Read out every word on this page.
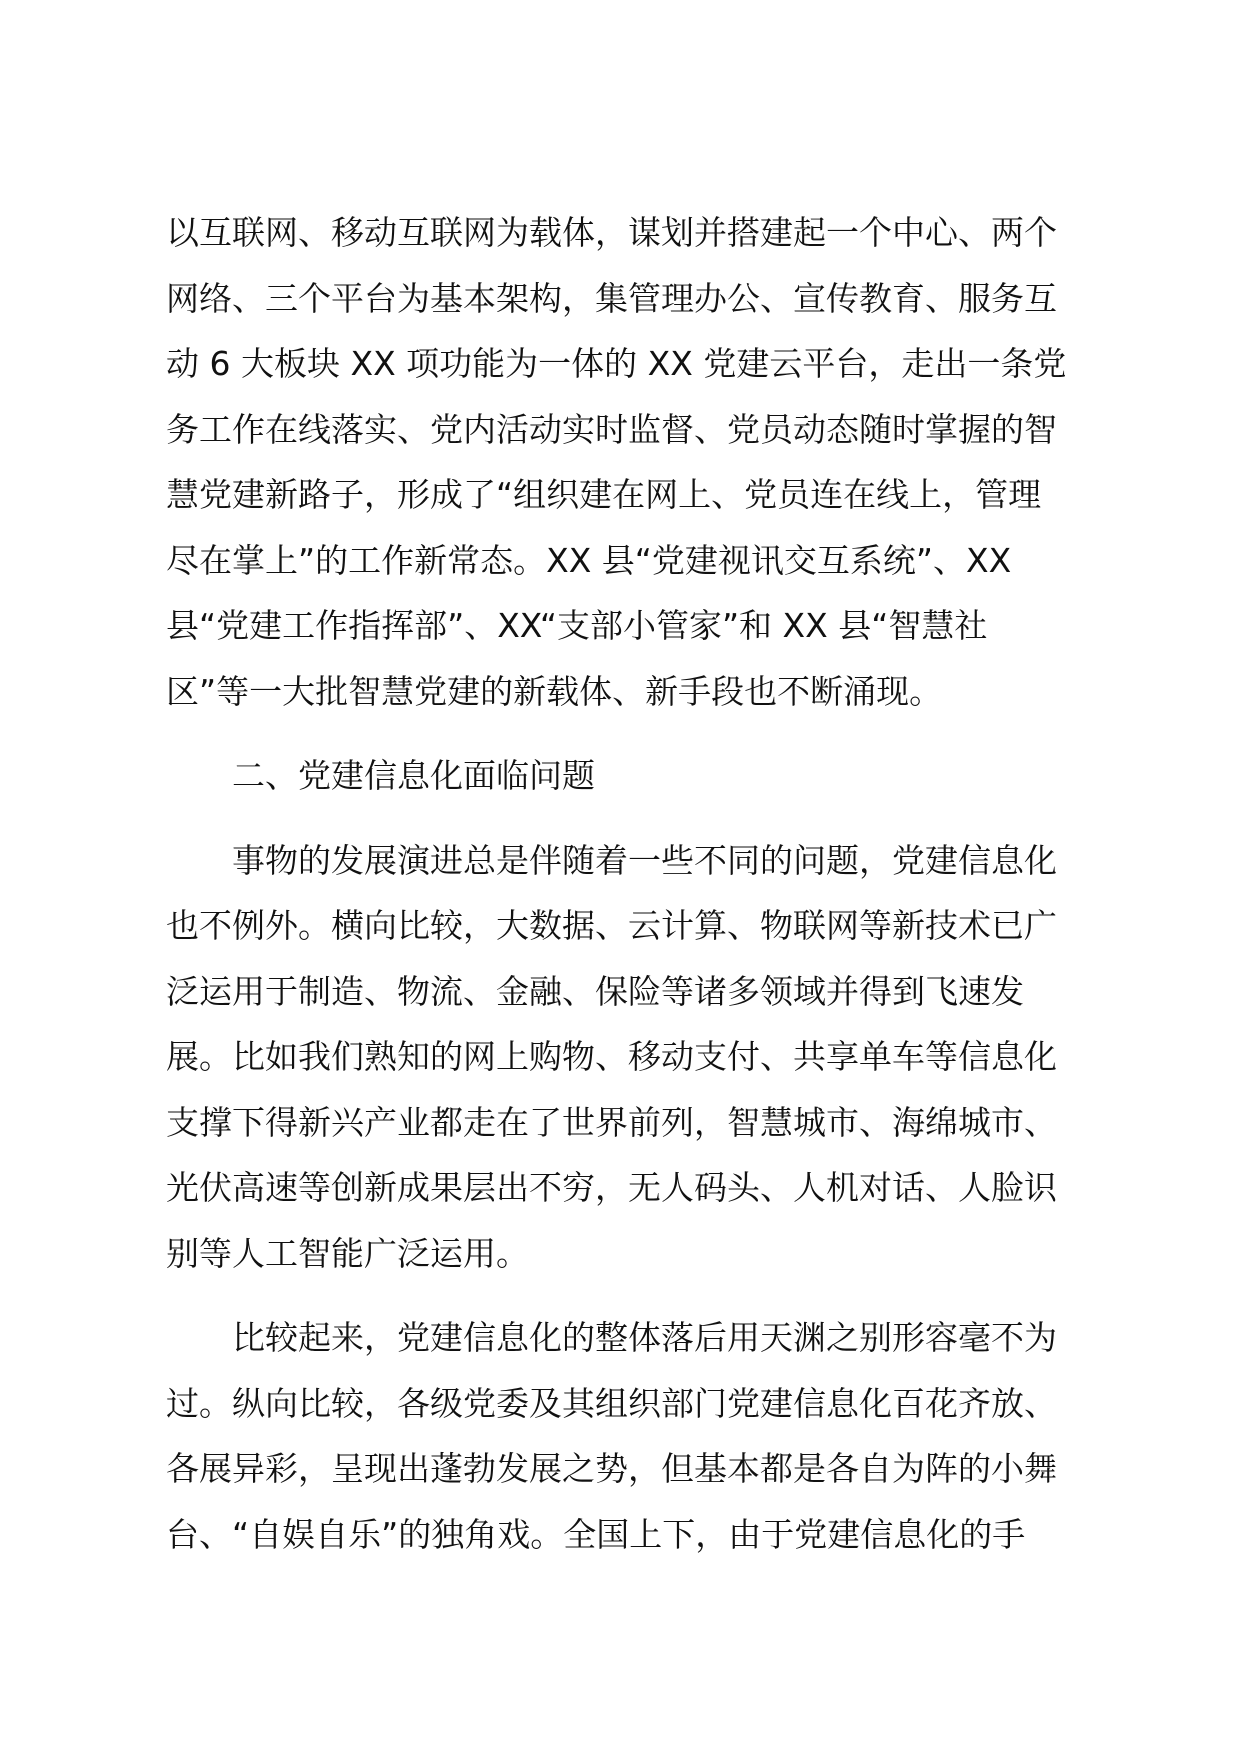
以互联网、移动互联网为载体，谋划并搭建起一个中心、两个
网络、三个平台为基本架构，集管理办公、宣传教育、服务互
动 6 大板块 XX 项功能为一体的 XX 党建云平台，走出一条党
务工作在线落实、党内活动实时监督、党员动态随时掌握的智
慧党建新路子，形成了“组织建在网上、党员连在线上，管理
尽在掌上”的工作新常态。XX 县“党建视讯交互系统”、XX
县“党建工作指挥部”、XX“支部小管家”和 XX 县“智慧社
区”等一大批智慧党建的新载体、新手段也不断涌现。
二、党建信息化面临问题
事物的发展演进总是伴随着一些不同的问题，党建信息化
也不例外。横向比较，大数据、云计算、物联网等新技术已广
泛运用于制造、物流、金融、保险等诸多领域并得到飞速发
展。比如我们熟知的网上购物、移动支付、共享单车等信息化
支撑下得新兴产业都走在了世界前列，智慧城市、海绵城市、
光伏高速等创新成果层出不穷，无人码头、人机对话、人脸识
别等人工智能广泛运用。
比较起来，党建信息化的整体落后用天渊之别形容毫不为
过。纵向比较，各级党委及其组织部门党建信息化百花齐放、
各展异彩，呈现出蓬勃发展之势，但基本都是各自为阵的小舞
台、“自娱自乐”的独角戏。全国上下，由于党建信息化的手
